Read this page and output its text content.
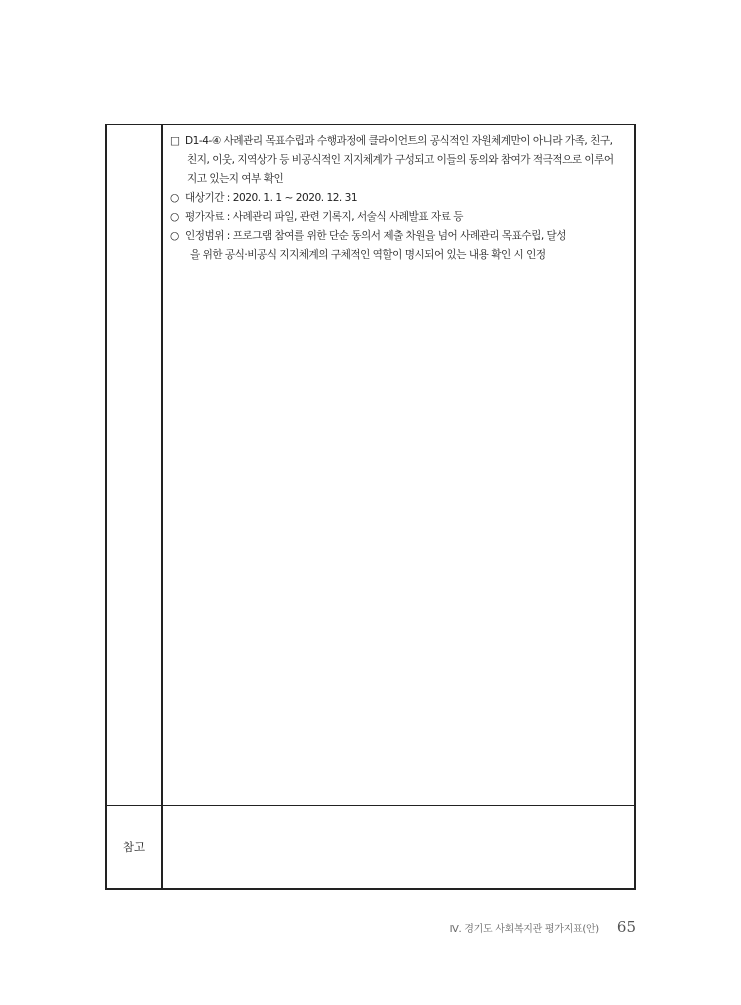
□ D1-4-④ 사례관리 목표수립과 수행과정에 클라이언트의 공식적인 자원체계만이 아니라 가족, 친구,
친지, 이웃, 지역상가 등 비공식적인 지지체계가 구성되고 이들의 동의와 참여가 적극적으로 이루어
지고 있는지 여부 확인
○ 대상기간 : 2020. 1. 1 ~ 2020. 12. 31
○ 평가자료 : 사례관리 파일, 관련 기록지, 서술식 사례발표 자료 등
○ 인정범위 : 프로그램 참여를 위한 단순 동의서 제출 차원을 넘어 사례관리 목표수립, 달성
을 위한 공식·비공식 지지체계의 구체적인 역할이 명시되어 있는 내용 확인 시 인정
참고
Ⅳ. 경기도 사회복지관 평가지표(안) 65
